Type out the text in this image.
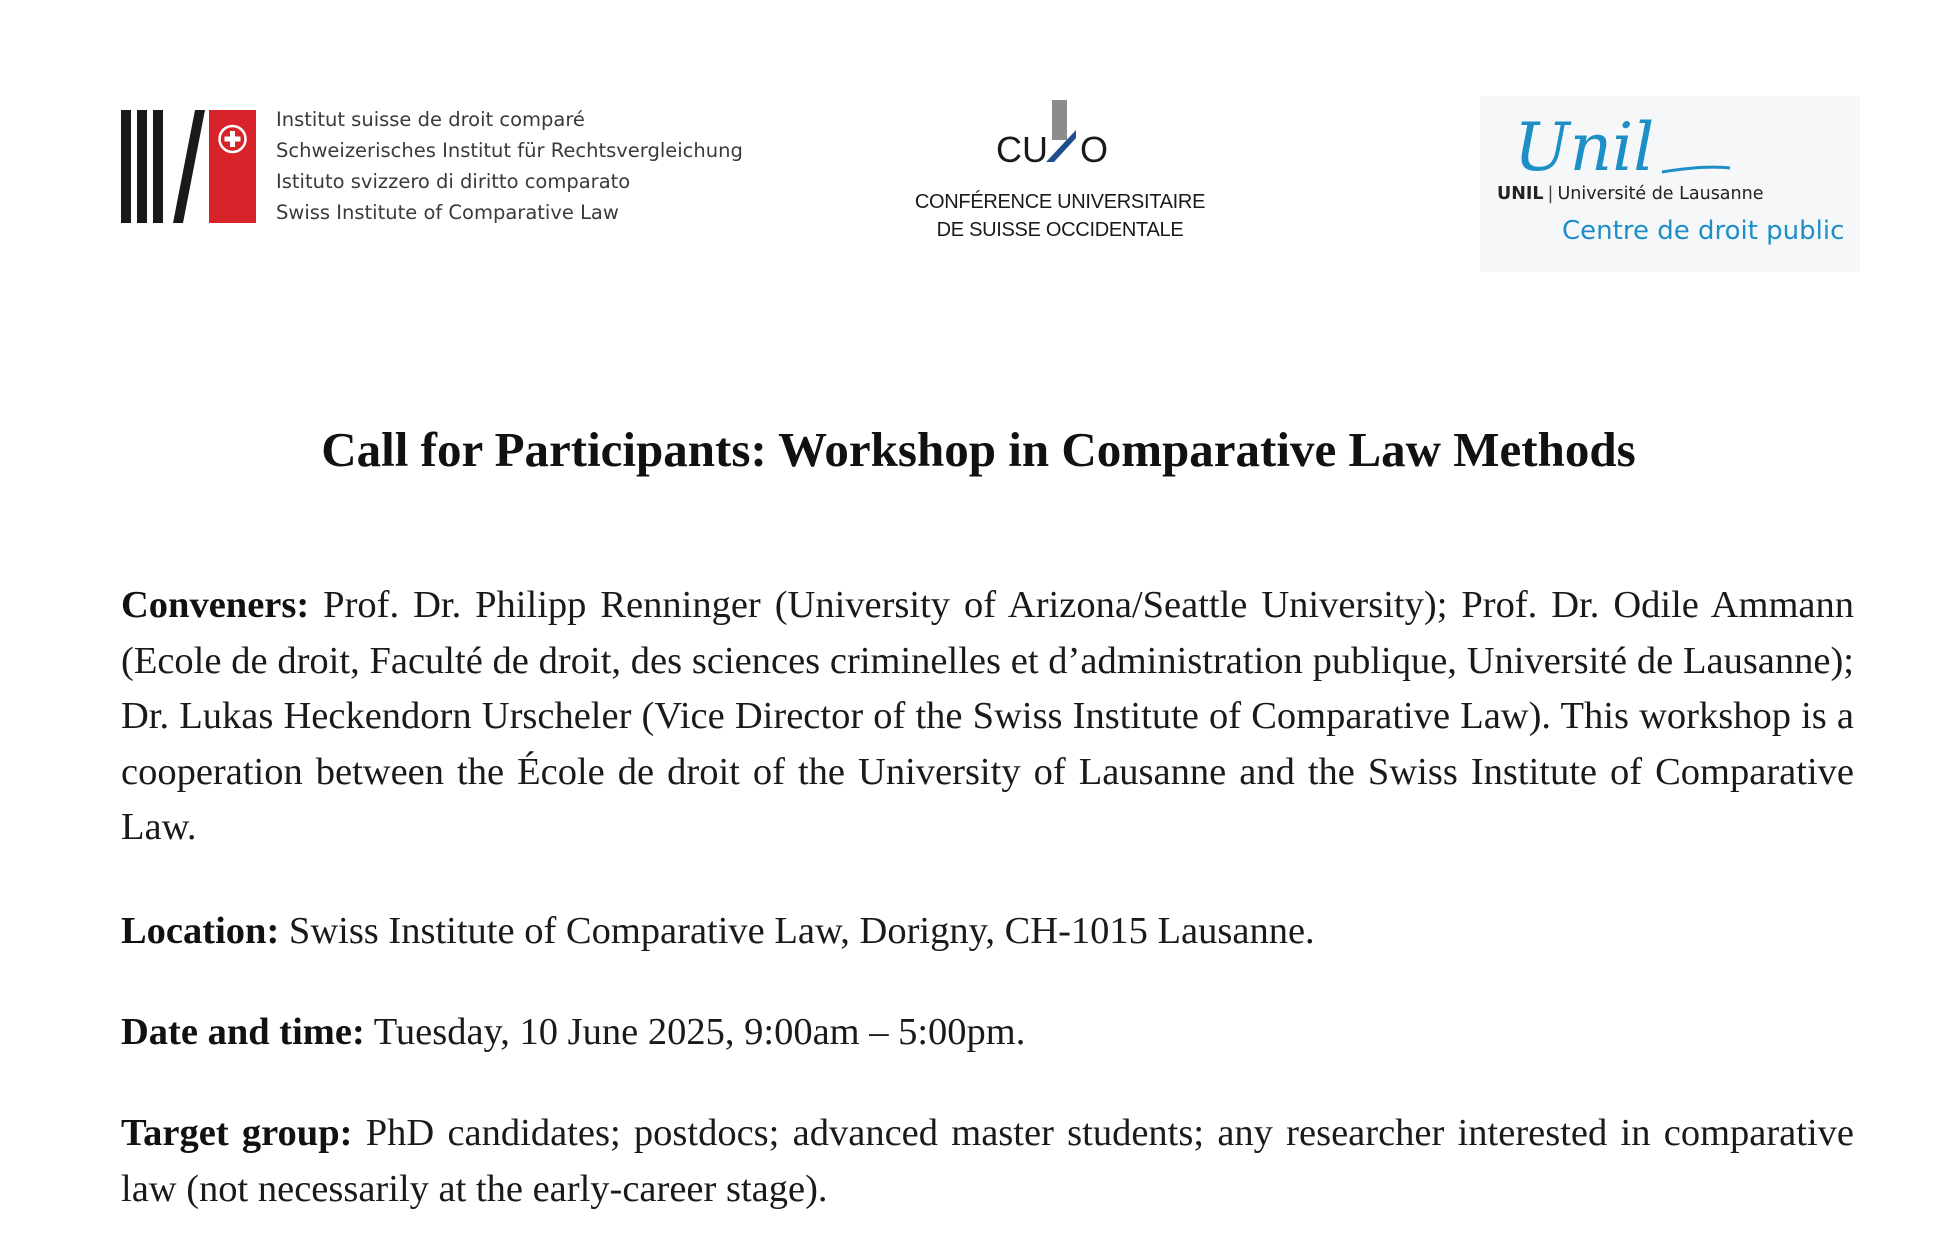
Institut suisse de droit comparé
Schweizerisches Institut für Rechtsvergleichung
Istituto svizzero di diritto comparato
Swiss Institute of Comparative Law
CU O
CONFÉRENCE UNIVERSITAIRE
DE SUISSE OCCIDENTALE
Unil
UNIL | Université de Lausanne
Centre de droit public
Call for Participants: Workshop in Comparative Law Methods
Conveners: Prof. Dr. Philipp Renninger (University of Arizona/Seattle University); Prof. Dr. Odile Ammann (Ecole de droit, Faculté de droit, des sciences criminelles et d’administration publique, Université de Lausanne); Dr. Lukas Heckendorn Urscheler (Vice Director of the Swiss Institute of Comparative Law). This workshop is a cooperation between the École de droit of the University of Lausanne and the Swiss Institute of Comparative Law.
Location: Swiss Institute of Comparative Law, Dorigny, CH-1015 Lausanne.
Date and time: Tuesday, 10 June 2025, 9:00am – 5:00pm.
Target group: PhD candidates; postdocs; advanced master students; any researcher interested in comparative law (not necessarily at the early-career stage).
